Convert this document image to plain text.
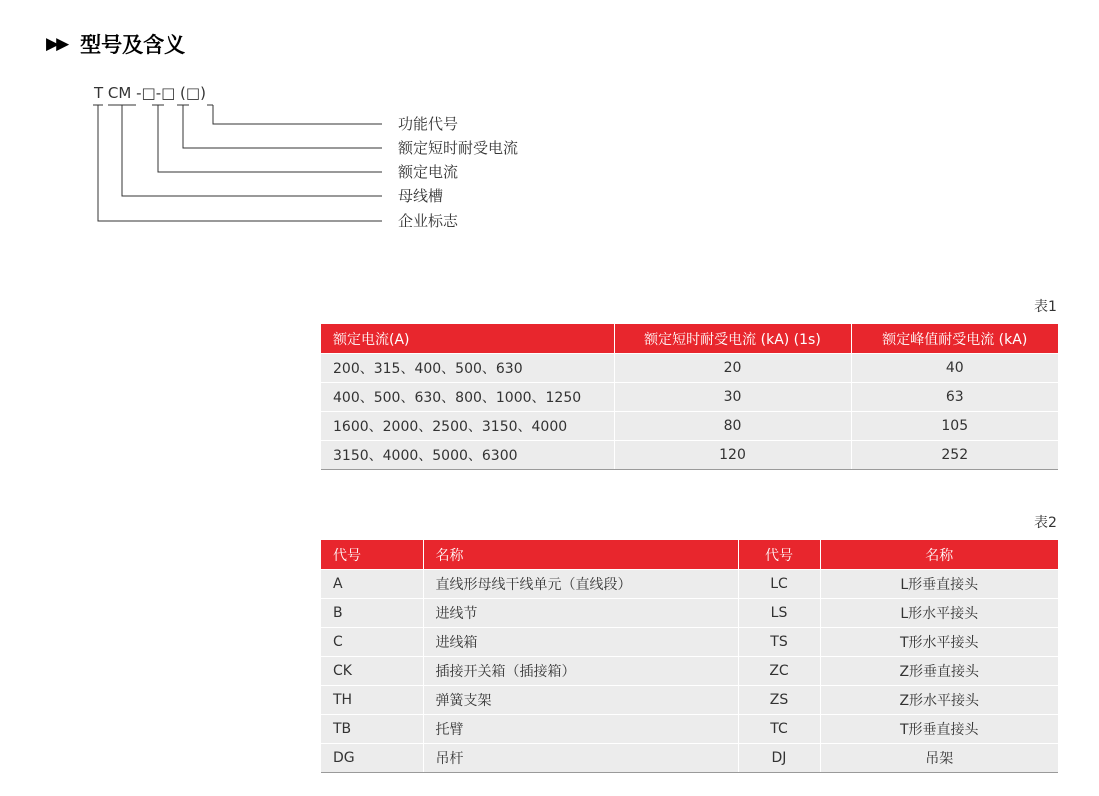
▶▶ 型号及含义
T CM -□-□ (□)
功能代号
额定短时耐受电流
额定电流
母线槽
企业标志
表1
额定电流(A)	额定短时耐受电流 (kA) (1s)	额定峰值耐受电流 (kA)
200、315、400、500、630	20	40
400、500、630、800、1000、1250	30	63
1600、2000、2500、3150、4000	80	105
3150、4000、5000、6300	120	252
表2
代号	名称	代号	名称
A	直线形母线干线单元（直线段）	LC	L形垂直接头
B	进线节	LS	L形水平接头
C	进线箱	TS	T形水平接头
CK	插接开关箱（插接箱）	ZC	Z形垂直接头
TH	弹簧支架	ZS	Z形水平接头
TB	托臂	TC	T形垂直接头
DG	吊杆	DJ	吊架
